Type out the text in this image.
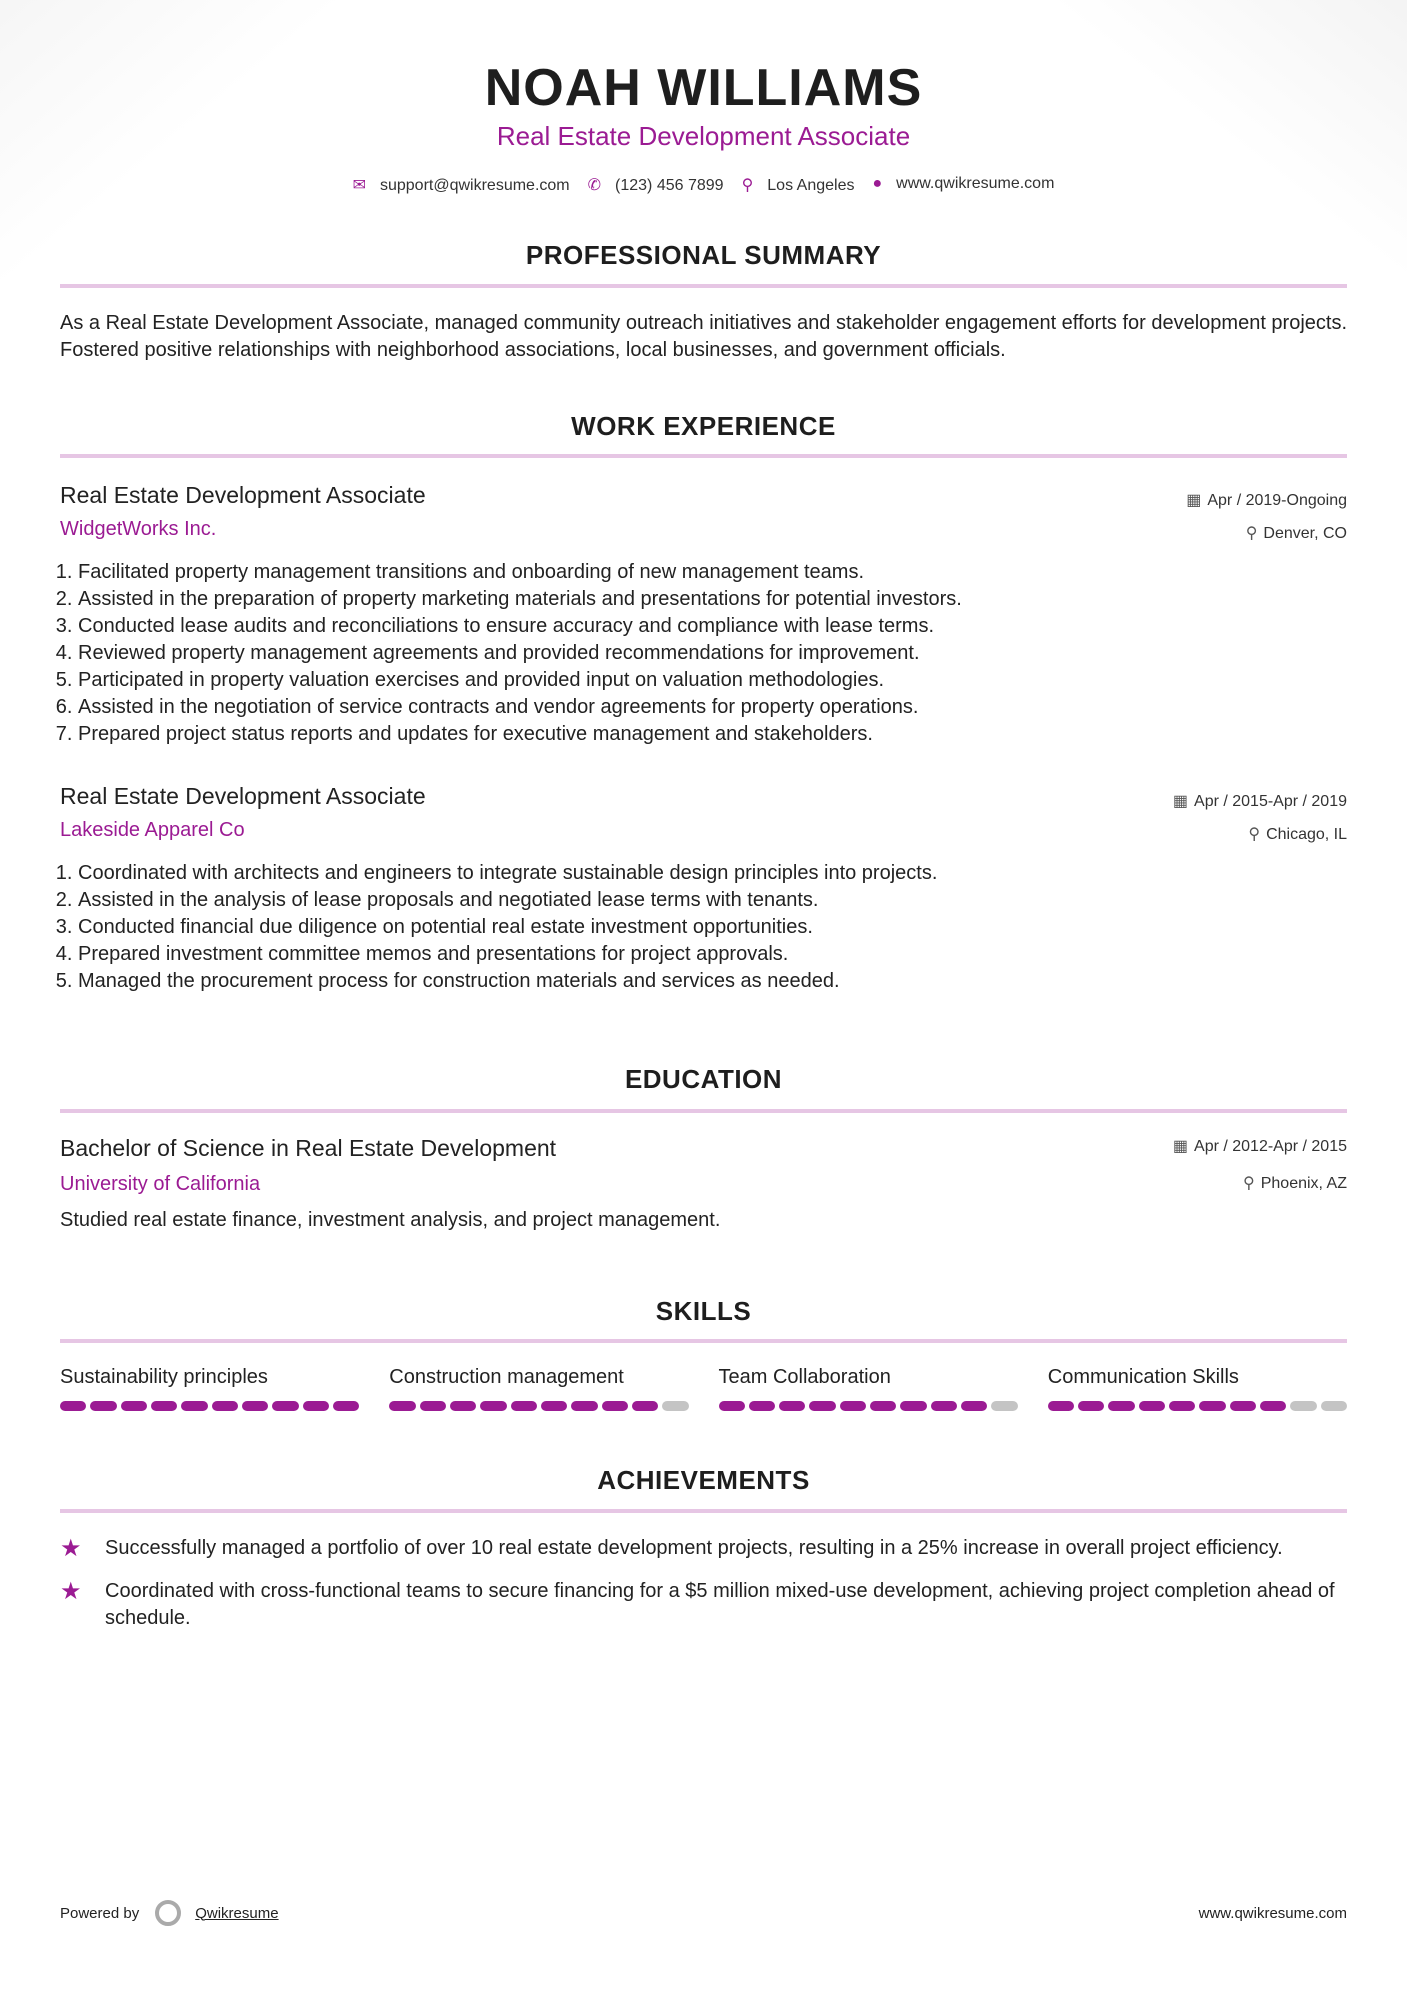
NOAH WILLIAMS
Real Estate Development Associate
✉ support@qwikresume.com ✆ (123) 456 7899 ⚲ Los Angeles ● www.qwikresume.com
PROFESSIONAL SUMMARY
As a Real Estate Development Associate, managed community outreach initiatives and stakeholder engagement efforts for development projects. Fostered positive relationships with neighborhood associations, local businesses, and government officials.
WORK EXPERIENCE
Real Estate Development Associate
WidgetWorks Inc.
▦ Apr / 2019-Ongoing
⚲ Denver, CO
1. Facilitated property management transitions and onboarding of new management teams.
2. Assisted in the preparation of property marketing materials and presentations for potential investors.
3. Conducted lease audits and reconciliations to ensure accuracy and compliance with lease terms.
4. Reviewed property management agreements and provided recommendations for improvement.
5. Participated in property valuation exercises and provided input on valuation methodologies.
6. Assisted in the negotiation of service contracts and vendor agreements for property operations.
7. Prepared project status reports and updates for executive management and stakeholders.
Real Estate Development Associate
Lakeside Apparel Co
▦ Apr / 2015-Apr / 2019
⚲ Chicago, IL
1. Coordinated with architects and engineers to integrate sustainable design principles into projects.
2. Assisted in the analysis of lease proposals and negotiated lease terms with tenants.
3. Conducted financial due diligence on potential real estate investment opportunities.
4. Prepared investment committee memos and presentations for project approvals.
5. Managed the procurement process for construction materials and services as needed.
EDUCATION
Bachelor of Science in Real Estate Development
University of California
▦ Apr / 2012-Apr / 2015
⚲ Phoenix, AZ
Studied real estate finance, investment analysis, and project management.
SKILLS
Sustainability principles	Construction management	Team Collaboration	Communication Skills
ACHIEVEMENTS
★	Successfully managed a portfolio of over 10 real estate development projects, resulting in a 25% increase in overall project efficiency.
★	Coordinated with cross-functional teams to secure financing for a $5 million mixed-use development, achieving project completion ahead of schedule.
Powered by	Qwikresume	www.qwikresume.com
